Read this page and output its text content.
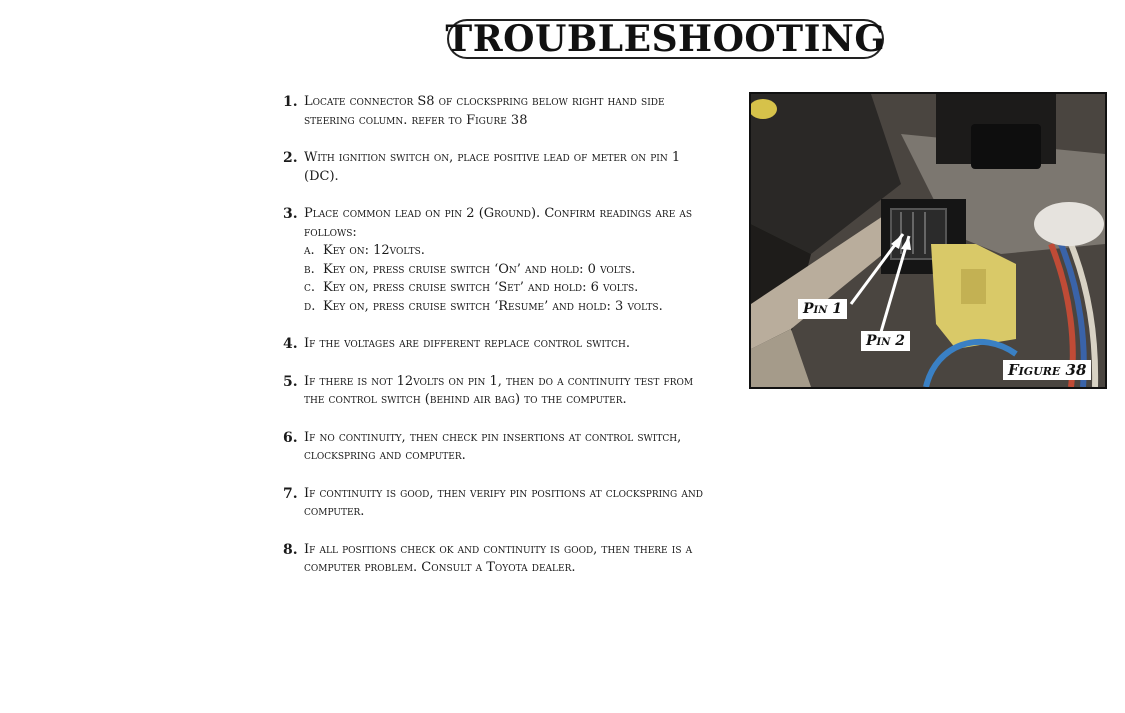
TROUBLESHOOTING
1. Locate connector S8 of clockspring below right hand side steering column. refer to Figure 38
2. With ignition switch on, place positive lead of meter on pin 1 (DC).
3. Place common lead on pin 2 (Ground). Confirm readings are as follows:
a. Key on: 12volts.
b. Key on, press cruise switch ‘On’ and hold: 0 volts.
c. Key on, press cruise switch ‘Set’ and hold: 6 volts.
d. Key on, press cruise switch ‘Resume’ and hold: 3 volts.
4. If the voltages are different replace control switch.
5. If there is not 12volts on pin 1, then do a continuity test from the control switch (behind air bag) to the computer.
6. If no continuity, then check pin insertions at control switch, clockspring and computer.
7. If continuity is good, then verify pin positions at clockspring and computer.
8. If all positions check ok and continuity is good, then there is a computer problem. Consult a Toyota dealer.
Pin 1
Pin 2
Figure 38
